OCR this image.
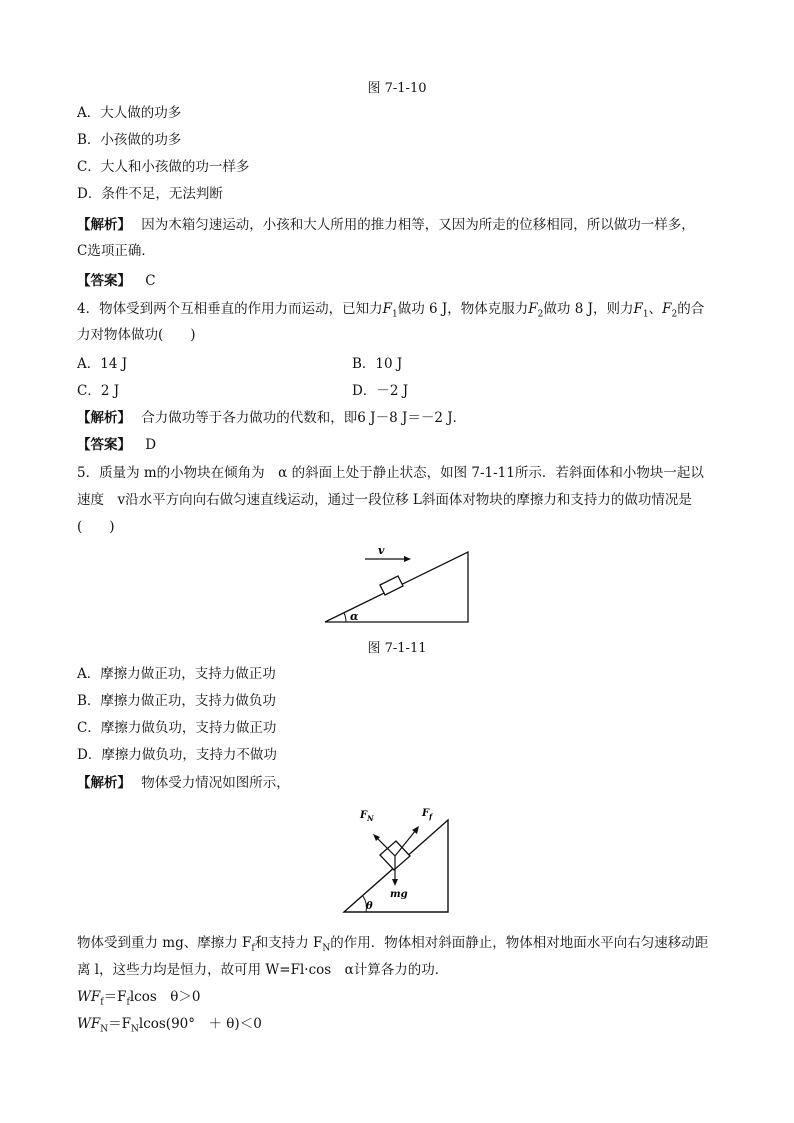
图 7-1-10
A．大人做的功多
B．小孩做的功多
C．大人和小孩做的功一样多
D．条件不足，无法判断
【解析】 因为木箱匀速运动，小孩和大人所用的推力相等，又因为所走的位移相同，所以做功一样多，
C选项正确．
【答案】 C
4．物体受到两个互相垂直的作用力而运动，已知力$F_1$做功 6 J，物体克服力$F_2$做功 8 J，则力$F_1$、$F_2$的合
力对物体做功(　　)
A．14 J	B．10 J
C．2 J	D．－2 J
【解析】 合力做功等于各力做功的代数和，即6 J－8 J＝－2 J．
【答案】 D
5．质量为 m的小物块在倾角为　α 的斜面上处于静止状态，如图 7-1-11所示．若斜面体和小物块一起以
速度　v沿水平方向向右做匀速直线运动，通过一段位移 L斜面体对物块的摩擦力和支持力的做功情况是
(　　)
v
α
图 7-1-11
A．摩擦力做正功，支持力做正功
B．摩擦力做正功，支持力做负功
C．摩擦力做负功，支持力做正功
D．摩擦力做负功，支持力不做功
【解析】 物体受力情况如图所示，
$F_N$	$F_f$
mg
θ
物体受到重力 mg、摩擦力 $F_f$和支持力 $F_N$的作用．物体相对斜面静止，物体相对地面水平向右匀速移动距
离 l，这些力均是恒力，故可用 W=Fl·cos　α计算各力的功．
$WF_f=F_flcos$　θ＞0
$WF_N=F_Nlcos(90^\circ$　＋ θ)＜0
